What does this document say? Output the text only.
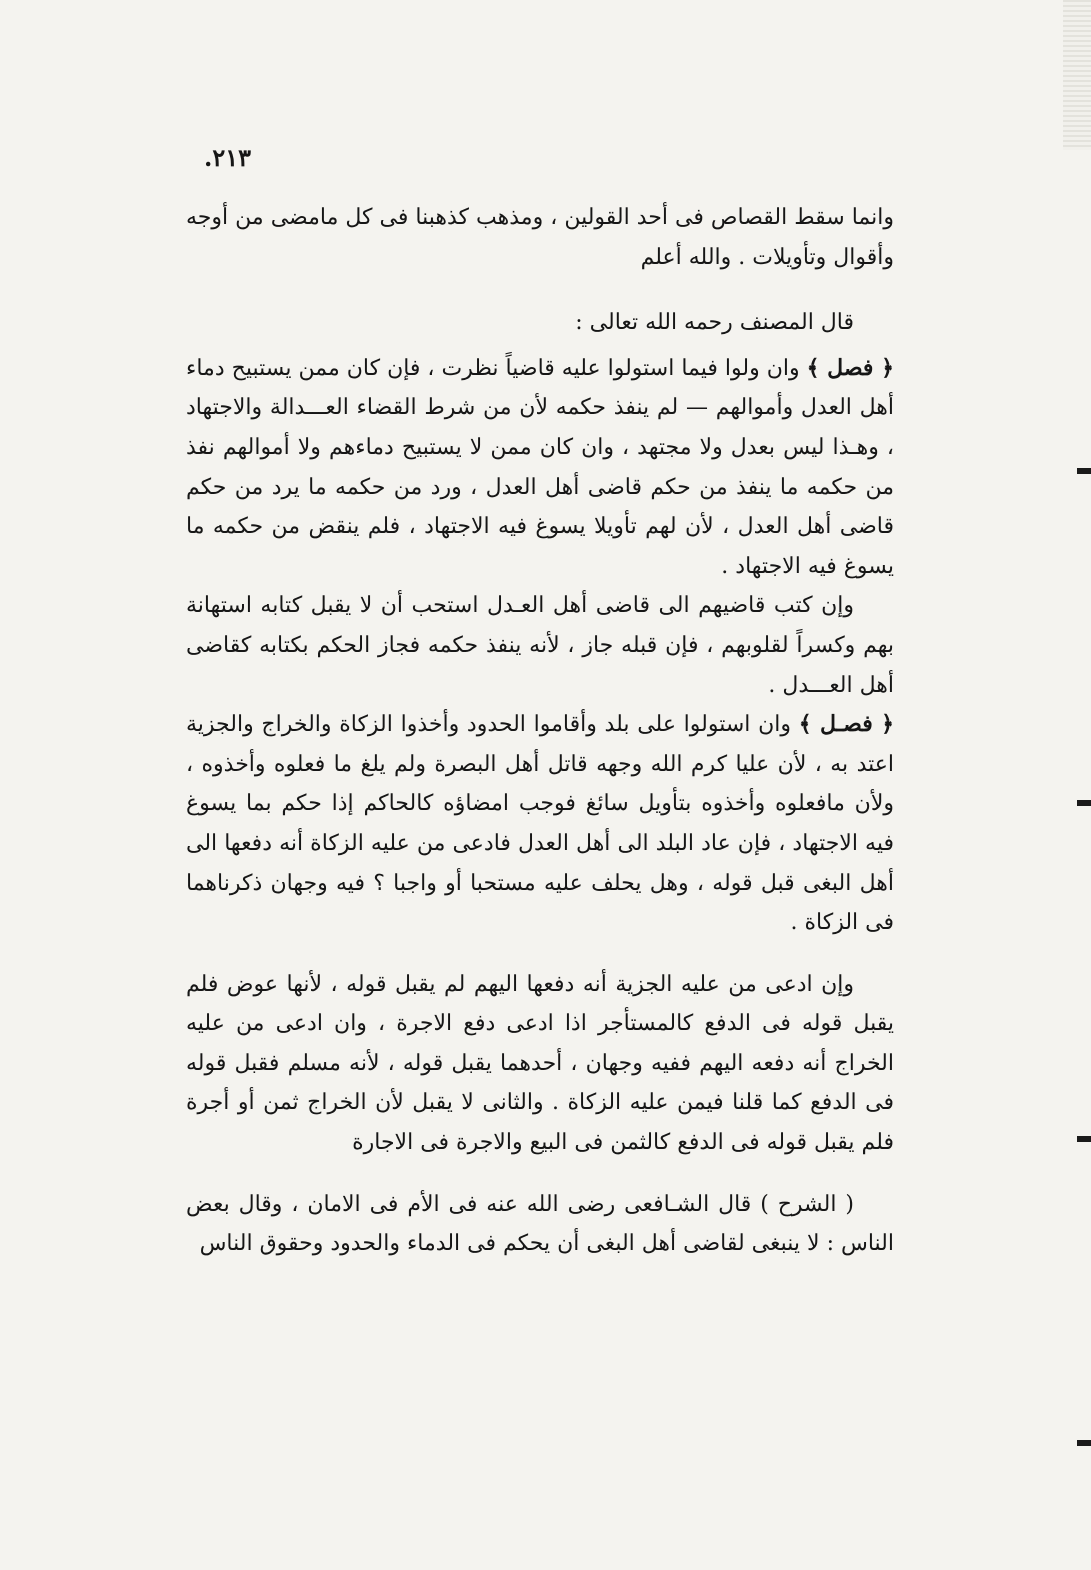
٢١٣.

وانما سقط القصاص فى أحد القولين ، ومذهب كذهبنا فى كل مامضى من أوجه وأقوال وتأويلات . والله أعلم

قال المصنف رحمه الله تعالى :

﴿ فصل ﴾ وان ولوا فيما استولوا عليه قاضياً نظرت ، فإن كان ممن يستبيح دماء أهل العدل وأموالهم — لم ينفذ حكمه لأن من شرط القضاء العـــدالة والاجتهاد ، وهـذا ليس بعدل ولا مجتهد ، وان كان ممن لا يستبيح دماءهم ولا أموالهم نفذ من حكمه ما ينفذ من حكم قاضى أهل العدل ، ورد من حكمه ما يرد من حكم قاضى أهل العدل ، لأن لهم تأويلا يسوغ فيه الاجتهاد ، فلم ينقض من حكمه ما يسوغ فيه الاجتهاد .

وإن كتب قاضيهم الى قاضى أهل العـدل استحب أن لا يقبل كتابه استهانة بهم وكسراً لقلوبهم ، فإن قبله جاز ، لأنه ينفذ حكمه فجاز الحكم بكتابه كقاضى أهل العـــدل .

﴿ فصـل ﴾ وان استولوا على بلد وأقاموا الحدود وأخذوا الزكاة والخراج والجزية اعتد به ، لأن عليا كرم الله وجهه قاتل أهل البصرة ولم يلغ ما فعلوه وأخذوه ، ولأن مافعلوه وأخذوه بتأويل سائغ فوجب امضاؤه كالحاكم إذا حكم بما يسوغ فيه الاجتهاد ، فإن عاد البلد الى أهل العدل فادعى من عليه الزكاة أنه دفعها الى أهل البغى قبل قوله ، وهل يحلف عليه مستحبا أو واجبا ؟ فيه وجهان ذكرناهما فى الزكاة .

وإن ادعى من عليه الجزية أنه دفعها اليهم لم يقبل قوله ، لأنها عوض فلم يقبل قوله فى الدفع كالمستأجر اذا ادعى دفع الاجرة ، وان ادعى من عليه الخراج أنه دفعه اليهم ففيه وجهان ، أحدهما يقبل قوله ، لأنه مسلم فقبل قوله فى الدفع كما قلنا فيمن عليه الزكاة . والثانى لا يقبل لأن الخراج ثمن أو أجرة فلم يقبل قوله فى الدفع كالثمن فى البيع والاجرة فى الاجارة

( الشرح ) قال الشـافعى رضى الله عنه فى الأم فى الامان ، وقال بعض الناس : لا ينبغى لقاضى أهل البغى أن يحكم فى الدماء والحدود وحقوق الناس
